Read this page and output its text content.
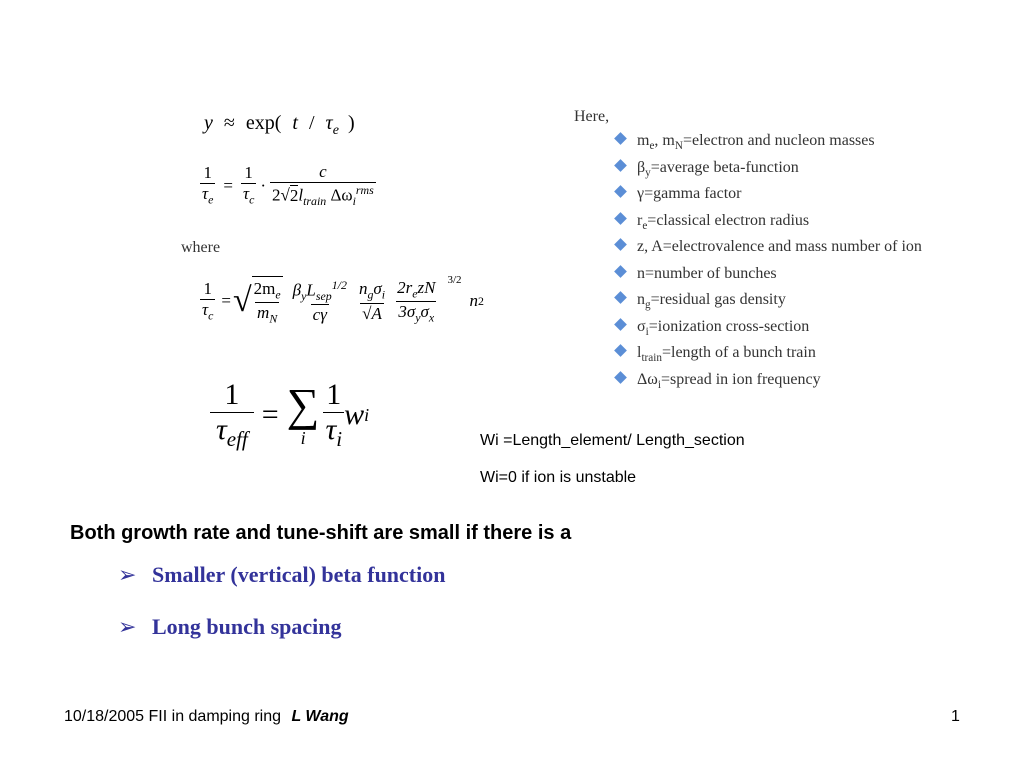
y ≈ exp( t / $\tau_e$ )
$\frac{1}{\tau_e} = \frac{1}{\tau_c} \cdot \frac{c}{2√2l_{train} \Delta\omega_i^{rms}}$
where
$\frac{1}{\tau_c}$ = √ $\frac{2m_e}{m_N} \frac{\beta_yL_{sep}^{1/2}}{c\gamma} \frac{n_g\sigma_i}{√A} \frac{2r_ezN}{3\sigma_y\sigma_x} 3/2$
n 2
$\frac{1}{\tau_{eff}}$ = ∑
i $\frac{1}{\tau_i}$ w i
Here,
$m_e$, $m_N=electron$ and nucleon masses
$\beta_y=average$ beta-function
γ=gamma factor
$r_e=classical$ electron radius
z, A=electrovalence and mass number of ion
n=number of bunches
$n_g=residual$ gas density
$\sigma_i=ionization$ cross-section
$l_{train}=length$ of a bunch train
$\Delta\omega_i=spread$ in ion frequency
Wi =Length_element/ Length_section
Wi=0 if ion is unstable
Both growth rate and tune-shift are small if there is a
➢ Smaller (vertical) beta function
➢ Long bunch spacing
10/18/2005 FII in damping ring L Wang	1
